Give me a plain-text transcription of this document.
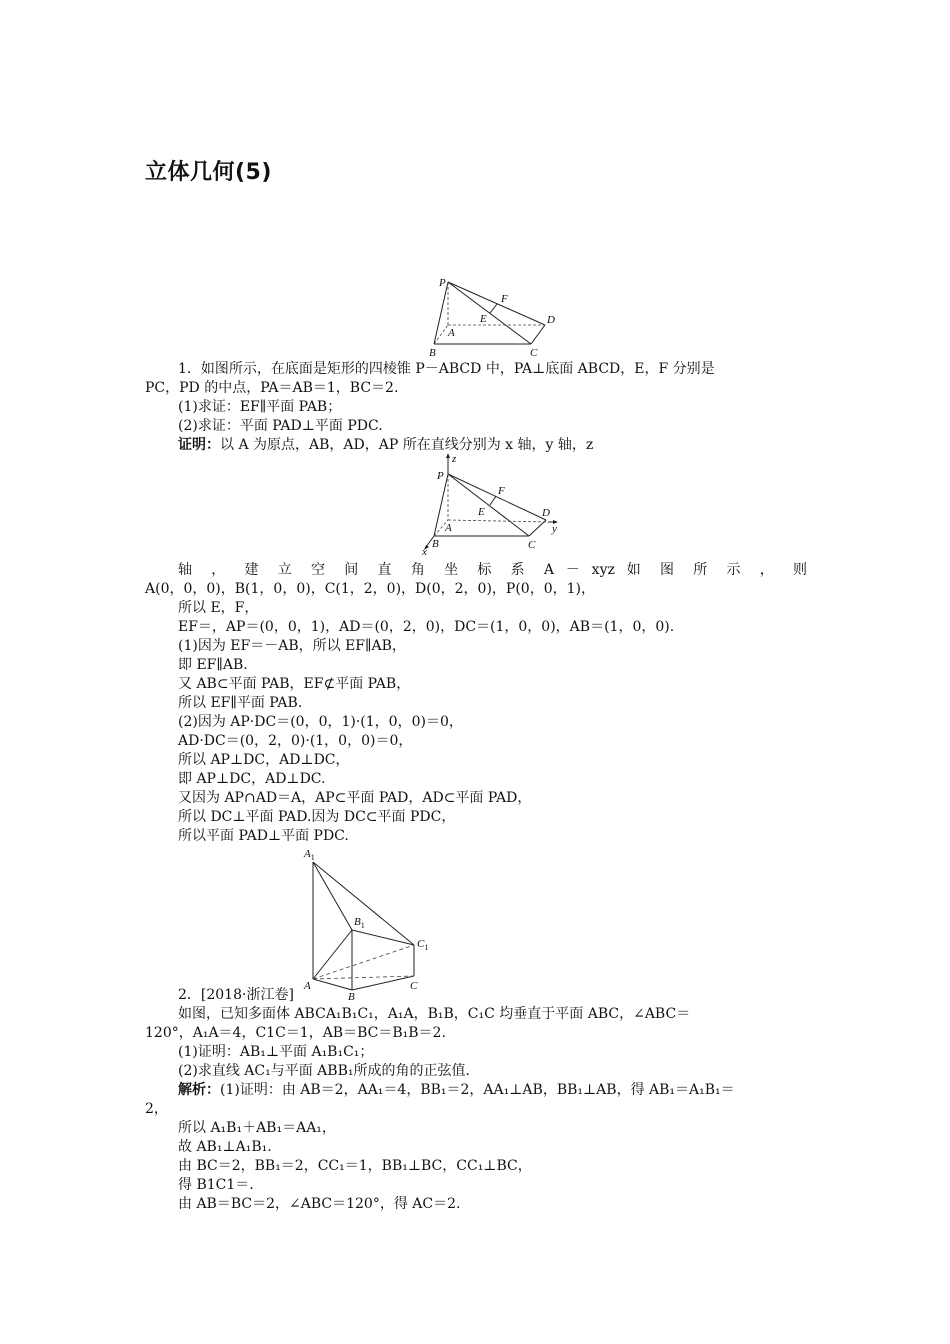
立体几何(5)
P
F
E
A
D
B	C
1．如图所示，在底面是矩形的四棱锥 P－ABCD 中，PA⊥底面 ABCD，E，F 分别是
PC，PD 的中点，PA＝AB＝1，BC＝2.
(1)求证：EF∥平面 PAB；
(2)求证：平面 PAD⊥平面 PDC.
证明：以 A 为原点，AB，AD，AP 所在直线分别为 x 轴，y 轴，z
z
P
F
E
A
D
y
B	C
x
轴 ， 建 立 空 间 直 角 坐 标 系 A － xyz 如 图 所 示 ， 则
A(0，0，0)，B(1，0，0)，C(1，2，0)，D(0，2，0)，P(0，0，1)，
所以 E，F，
EF＝，AP＝(0，0，1)，AD＝(0，2，0)，DC＝(1，0，0)，AB＝(1，0，0).
(1)因为 EF＝－AB，所以 EF∥AB，
即 EF∥AB.
又 AB⊂平面 PAB，EF⊄平面 PAB，
所以 EF∥平面 PAB.
(2)因为 AP·DC＝(0，0，1)·(1，0，0)＝0，
AD·DC＝(0，2，0)·(1，0，0)＝0，
所以 AP⊥DC，AD⊥DC，
即 AP⊥DC，AD⊥DC.
又因为 AP∩AD＝A，AP⊂平面 PAD，AD⊂平面 PAD，
所以 DC⊥平面 PAD.因为 DC⊂平面 PDC，
所以平面 PAD⊥平面 PDC.
$A_1$
$B_1$
$C_1$
A
B
C
2．[2018·浙江卷]
如图，已知多面体 ABCA₁B₁C₁，A₁A，B₁B，C₁C 均垂直于平面 ABC，∠ABC＝
120°，A₁A＝4，C1C＝1，AB＝BC＝B₁B＝2.
(1)证明：AB₁⊥平面 A₁B₁C₁；
(2)求直线 AC₁与平面 ABB₁所成的角的正弦值.
解析：(1)证明：由 AB＝2，AA₁＝4，BB₁＝2，AA₁⊥AB，BB₁⊥AB，得 AB₁＝A₁B₁＝
2，
所以 A₁B₁＋AB₁＝AA₁，
故 AB₁⊥A₁B₁.
由 BC＝2，BB₁＝2，CC₁＝1，BB₁⊥BC，CC₁⊥BC，
得 B1C1＝.
由 AB＝BC＝2，∠ABC＝120°，得 AC＝2.
